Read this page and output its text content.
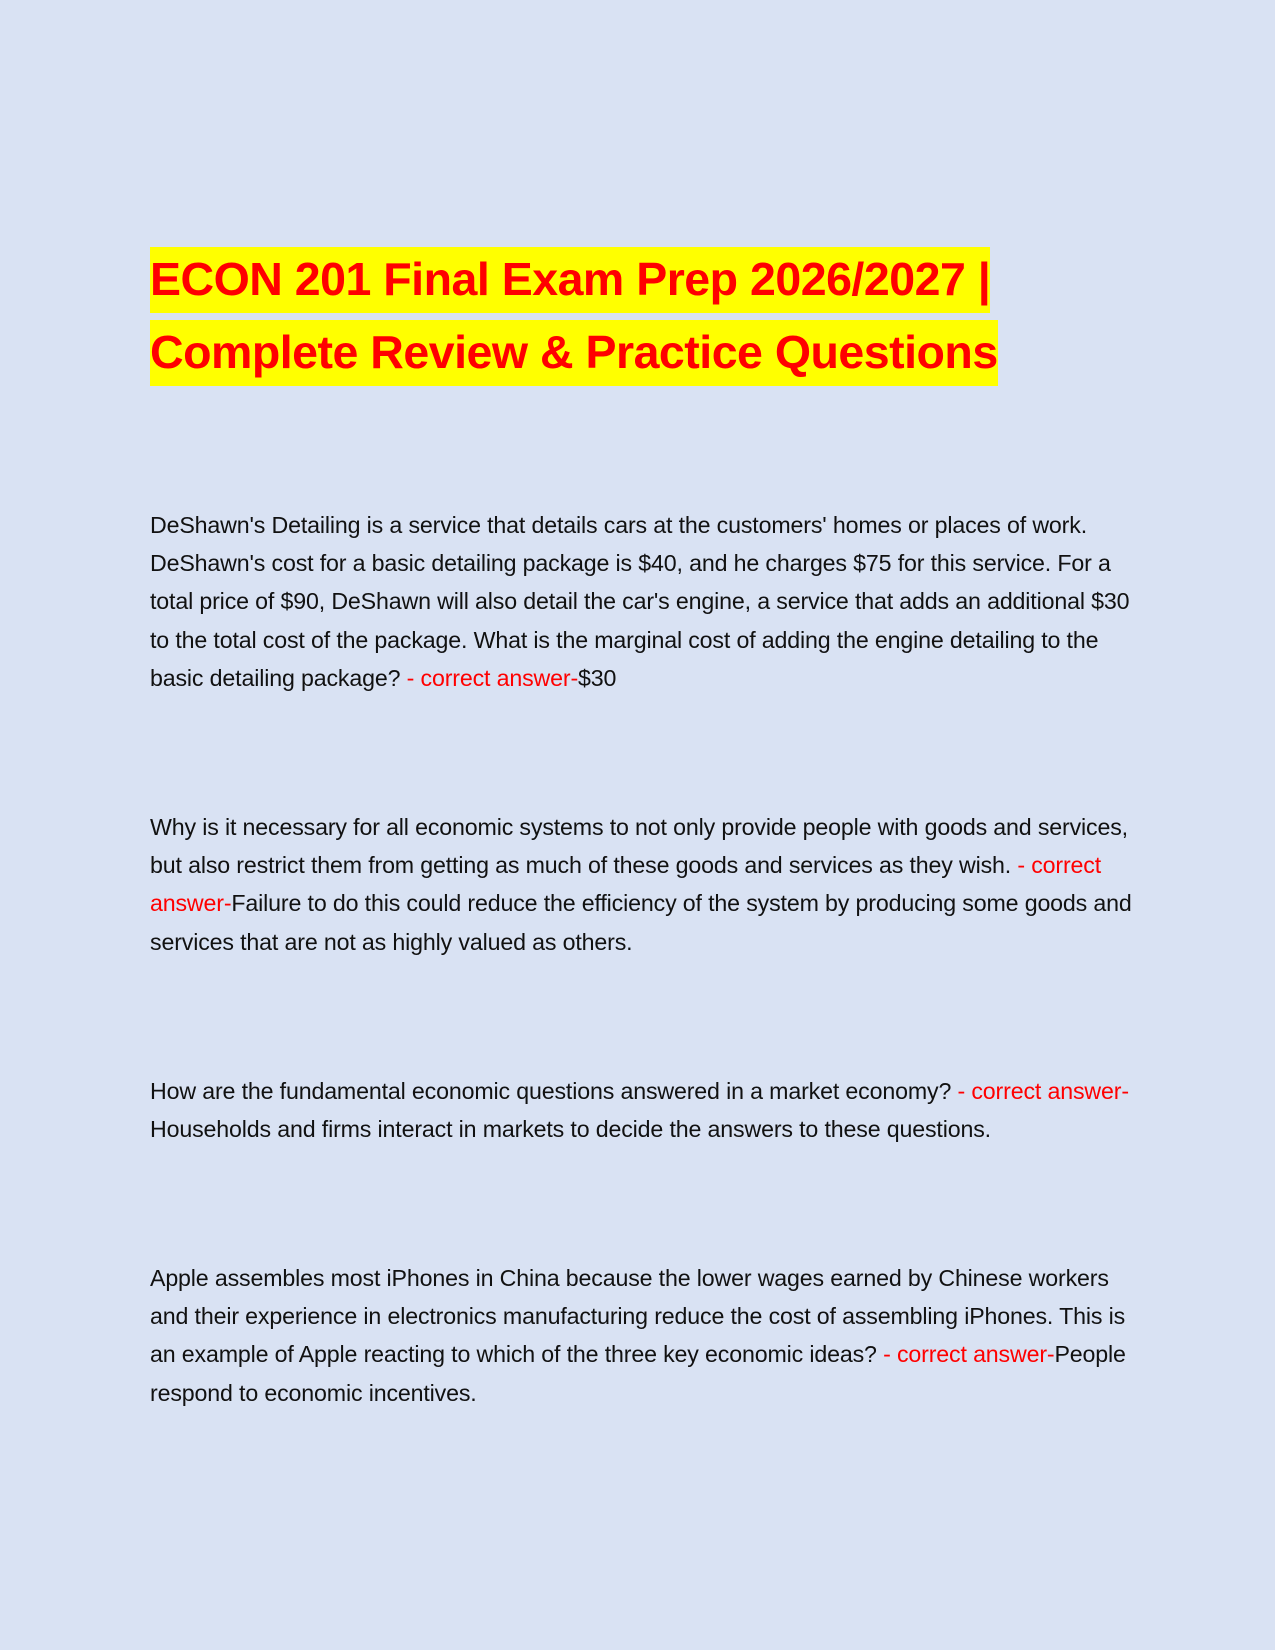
ECON 201 Final Exam Prep 2026/2027 |
Complete Review & Practice Questions

DeShawn's Detailing is a service that details cars at the customers' homes or places of work. DeShawn's cost for a basic detailing package is $40, and he charges $75 for this service. For a total price of $90, DeShawn will also detail the car's engine, a service that adds an additional $30 to the total cost of the package. What is the marginal cost of adding the engine detailing to the basic detailing package? - correct answer-$30

Why is it necessary for all economic systems to not only provide people with goods and services, but also restrict them from getting as much of these goods and services as they wish. - correct answer-Failure to do this could reduce the efficiency of the system by producing some goods and services that are not as highly valued as others.

How are the fundamental economic questions answered in a market economy? - correct answer-Households and firms interact in markets to decide the answers to these questions.

Apple assembles most iPhones in China because the lower wages earned by Chinese workers and their experience in electronics manufacturing reduce the cost of assembling iPhones. This is an example of Apple reacting to which of the three key economic ideas? - correct answer-People respond to economic incentives.
